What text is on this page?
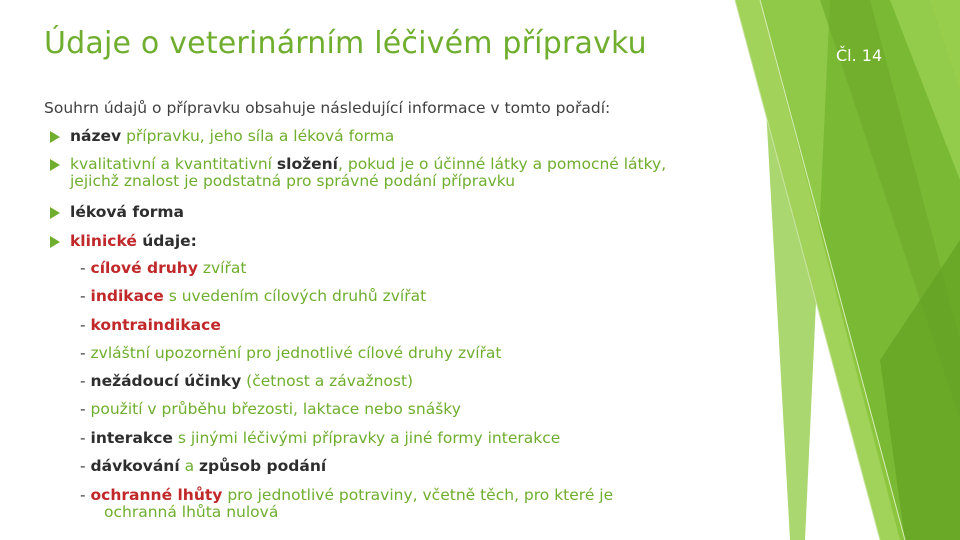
Údaje o veterinárním léčivém přípravku	Čl. 14
Souhrn údajů o přípravku obsahuje následující informace v tomto pořadí:
název přípravku, jeho síla a léková forma
kvalitativní a kvantitativní složení, pokud je o účinné látky a pomocné látky,
jejichž znalost je podstatná pro správné podání přípravku
léková forma
klinické údaje:
- cílové druhy zvířat
- indikace s uvedením cílových druhů zvířat
- kontraindikace
- zvláštní upozornění pro jednotlivé cílové druhy zvířat
- nežádoucí účinky (četnost a závažnost)
- použití v průběhu březosti, laktace nebo snášky
- interakce s jinými léčivými přípravky a jiné formy interakce
- dávkování a způsob podání
- ochranné lhůty pro jednotlivé potraviny, včetně těch, pro které je
ochranná lhůta nulová
